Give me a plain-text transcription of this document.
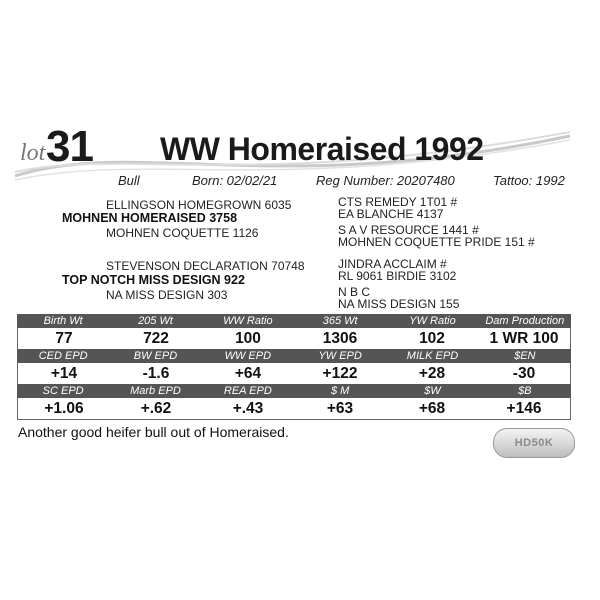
lot 31 WW Homeraised 1992
Bull	Born: 02/02/21	Reg Number: 20207480	Tattoo: 1992
ELLINGSON HOMEGROWN 6035
MOHNEN HOMERAISED 3758
MOHNEN COQUETTE 1126
STEVENSON DECLARATION 70748
TOP NOTCH MISS DESIGN 922
NA MISS DESIGN 303
CTS REMEDY 1T01 #
EA BLANCHE 4137
S A V RESOURCE 1441 #
MOHNEN COQUETTE PRIDE 151 #
JINDRA ACCLAIM #
RL 9061 BIRDIE 3102
N B C
NA MISS DESIGN 155
Birth Wt	205 Wt	WW Ratio	365 Wt	YW Ratio	Dam Production
77	722	100	1306	102	1 WR 100
CED EPD	BW EPD	WW EPD	YW EPD	MILK EPD	$EN
+14	-1.6	+64	+122	+28	-30
SC EPD	Marb EPD	REA EPD	$ M	$W	$B
+1.06	+.62	+.43	+63	+68	+146
Another good heifer bull out of Homeraised.
HD50K
